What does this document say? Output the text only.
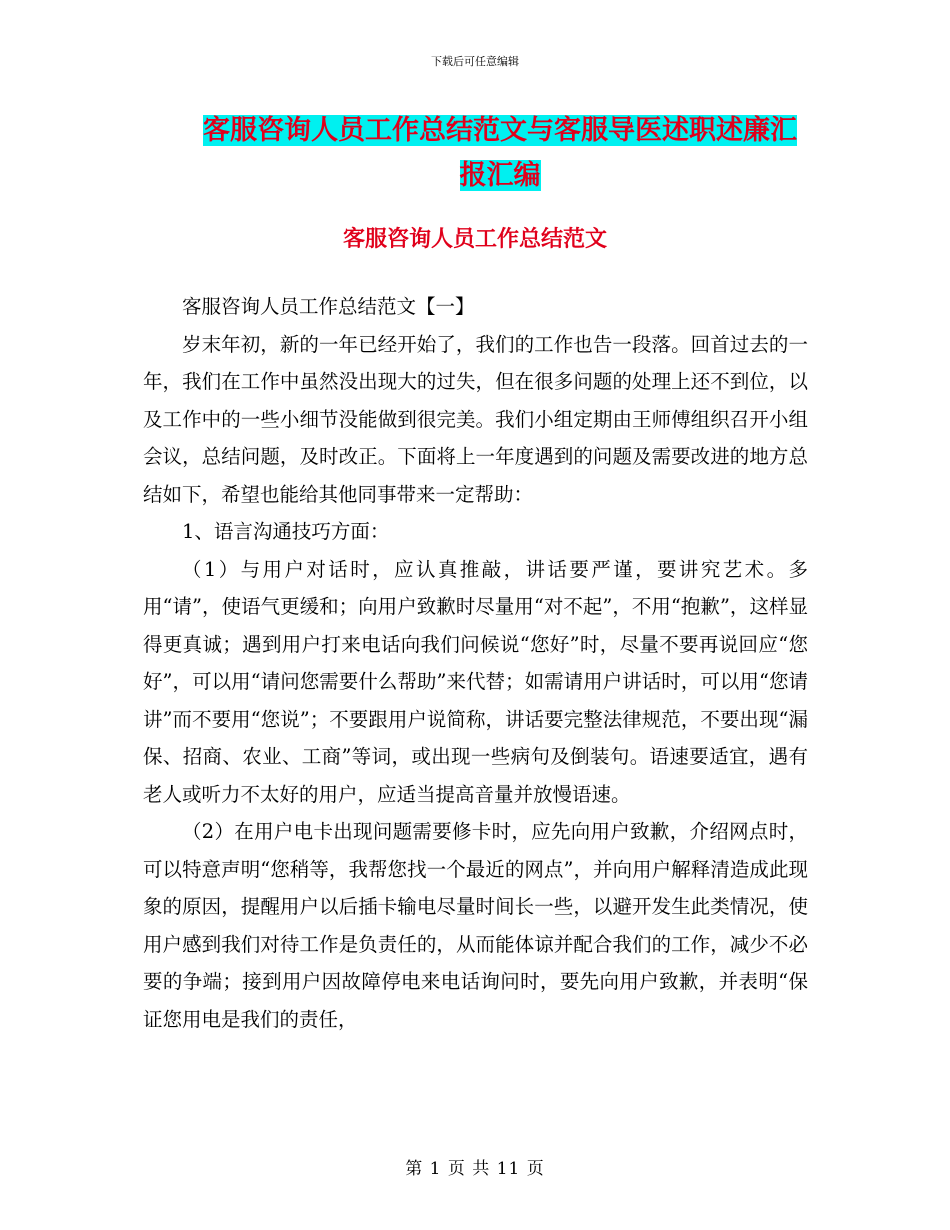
下载后可任意编辑
客服咨询人员工作总结范文与客服导医述职述廉汇报汇编
客服咨询人员工作总结范文

客服咨询人员工作总结范文【一】

岁末年初，新的一年已经开始了，我们的工作也告一段落。回首过去的一年，我们在工作中虽然没出现大的过失，但在很多问题的处理上还不到位，以及工作中的一些小细节没能做到很完美。我们小组定期由王师傅组织召开小组会议，总结问题，及时改正。下面将上一年度遇到的问题及需要改进的地方总结如下，希望也能给其他同事带来一定帮助：

1、语言沟通技巧方面：

（1）与用户对话时，应认真推敲，讲话要严谨，要讲究艺术。多用“请”，使语气更缓和；向用户致歉时尽量用“对不起”，不用“抱歉”，这样显得更真诚；遇到用户打来电话向我们问候说“您好”时，尽量不要再说回应“您好”，可以用“请问您需要什么帮助”来代替；如需请用户讲话时，可以用“您请讲”而不要用“您说”；不要跟用户说简称，讲话要完整法律规范，不要出现“漏保、招商、农业、工商”等词，或出现一些病句及倒装句。语速要适宜，遇有老人或听力不太好的用户，应适当提高音量并放慢语速。

（2）在用户电卡出现问题需要修卡时，应先向用户致歉，介绍网点时，可以特意声明“您稍等，我帮您找一个最近的网点”，并向用户解释清造成此现象的原因，提醒用户以后插卡输电尽量时间长一些，以避开发生此类情况，使用户感到我们对待工作是负责任的，从而能体谅并配合我们的工作，减少不必要的争端；接到用户因故障停电来电话询问时，要先向用户致歉，并表明“保证您用电是我们的责任，

第 1 页 共 11 页
